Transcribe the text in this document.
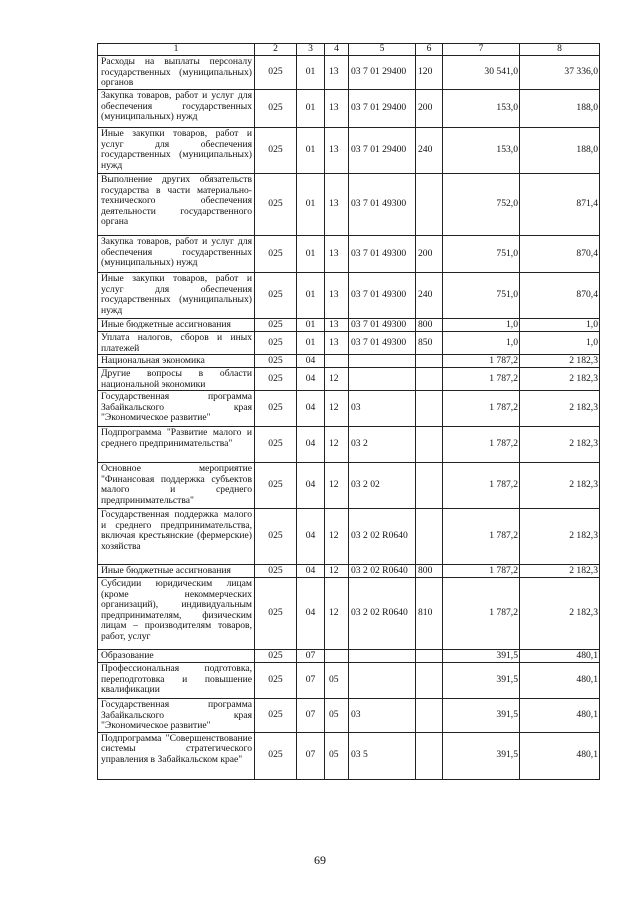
1	2	3	4	5	6	7	8
Расходы на выплаты персоналу государственных (муниципальных) органов	025	01	13	03 7 01 29400	120	30 541,0	37 336,0
Закупка товаров, работ и услуг для обеспечения государственных (муниципальных) нужд	025	01	13	03 7 01 29400	200	153,0	188,0
Иные закупки товаров, работ и услуг для обеспечения государственных (муниципальных) нужд	025	01	13	03 7 01 29400	240	153,0	188,0
Выполнение других обязательств государства в части материально-технического обеспечения деятельности государственного органа	025	01	13	03 7 01 49300		752,0	871,4
Закупка товаров, работ и услуг для обеспечения государственных (муниципальных) нужд	025	01	13	03 7 01 49300	200	751,0	870,4
Иные закупки товаров, работ и услуг для обеспечения государственных (муниципальных) нужд	025	01	13	03 7 01 49300	240	751,0	870,4
Иные бюджетные ассигнования	025	01	13	03 7 01 49300	800	1,0	1,0
Уплата налогов, сборов и иных платежей	025	01	13	03 7 01 49300	850	1,0	1,0
Национальная экономика	025	04				1 787,2	2 182,3
Другие вопросы в области национальной экономики	025	04	12			1 787,2	2 182,3
Государственная программа Забайкальского края "Экономическое развитие"	025	04	12	03		1 787,2	2 182,3
Подпрограмма "Развитие малого и среднего предпринимательства"	025	04	12	03 2		1 787,2	2 182,3
Основное мероприятие "Финансовая поддержка субъектов малого и среднего предпринимательства"	025	04	12	03 2 02		1 787,2	2 182,3
Государственная поддержка малого и среднего предпринимательства, включая крестьянские (фермерские) хозяйства	025	04	12	03 2 02 R0640		1 787,2	2 182,3
Иные бюджетные ассигнования	025	04	12	03 2 02 R0640	800	1 787,2	2 182,3
Субсидии юридическим лицам (кроме некоммерческих организаций), индивидуальным предпринимателям, физическим лицам – производителям товаров, работ, услуг	025	04	12	03 2 02 R0640	810	1 787,2	2 182,3
Образование	025	07				391,5	480,1
Профессиональная подготовка, переподготовка и повышение квалификации	025	07	05			391,5	480,1
Государственная программа Забайкальского края "Экономическое развитие"	025	07	05	03		391,5	480,1
Подпрограмма "Совершенствование системы стратегического управления в Забайкальском крае"	025	07	05	03 5		391,5	480,1
69
